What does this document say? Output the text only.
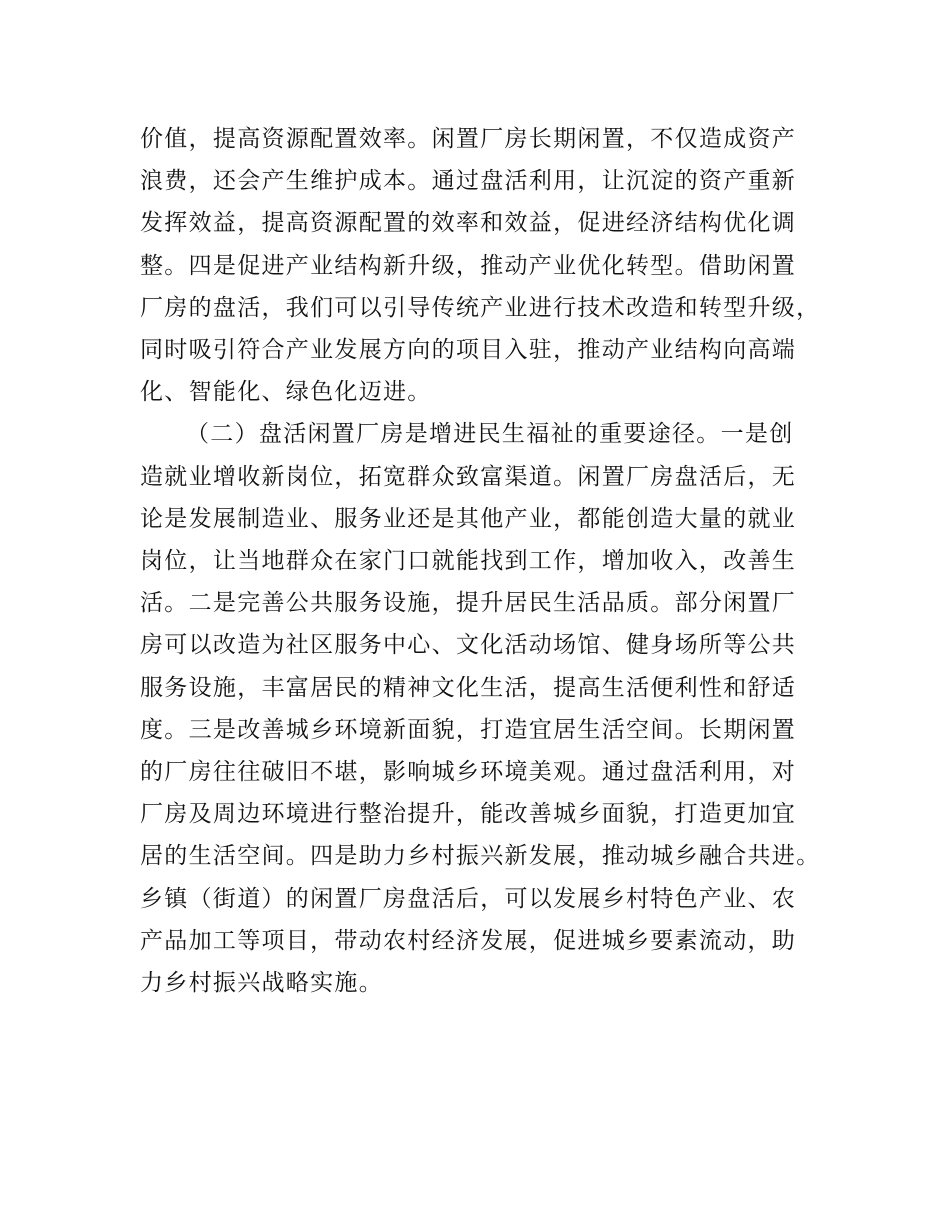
价值，提高资源配置效率。闲置厂房长期闲置，不仅造成资产
浪费，还会产生维护成本。通过盘活利用，让沉淀的资产重新
发挥效益，提高资源配置的效率和效益，促进经济结构优化调
整。四是促进产业结构新升级，推动产业优化转型。借助闲置
厂房的盘活，我们可以引导传统产业进行技术改造和转型升级，
同时吸引符合产业发展方向的项目入驻，推动产业结构向高端
化、智能化、绿色化迈进。

（二）盘活闲置厂房是增进民生福祉的重要途径。一是创
造就业增收新岗位，拓宽群众致富渠道。闲置厂房盘活后，无
论是发展制造业、服务业还是其他产业，都能创造大量的就业
岗位，让当地群众在家门口就能找到工作，增加收入，改善生
活。二是完善公共服务设施，提升居民生活品质。部分闲置厂
房可以改造为社区服务中心、文化活动场馆、健身场所等公共
服务设施，丰富居民的精神文化生活，提高生活便利性和舒适
度。三是改善城乡环境新面貌，打造宜居生活空间。长期闲置
的厂房往往破旧不堪，影响城乡环境美观。通过盘活利用，对
厂房及周边环境进行整治提升，能改善城乡面貌，打造更加宜
居的生活空间。四是助力乡村振兴新发展，推动城乡融合共进。
乡镇（街道）的闲置厂房盘活后，可以发展乡村特色产业、农
产品加工等项目，带动农村经济发展，促进城乡要素流动，助
力乡村振兴战略实施。
